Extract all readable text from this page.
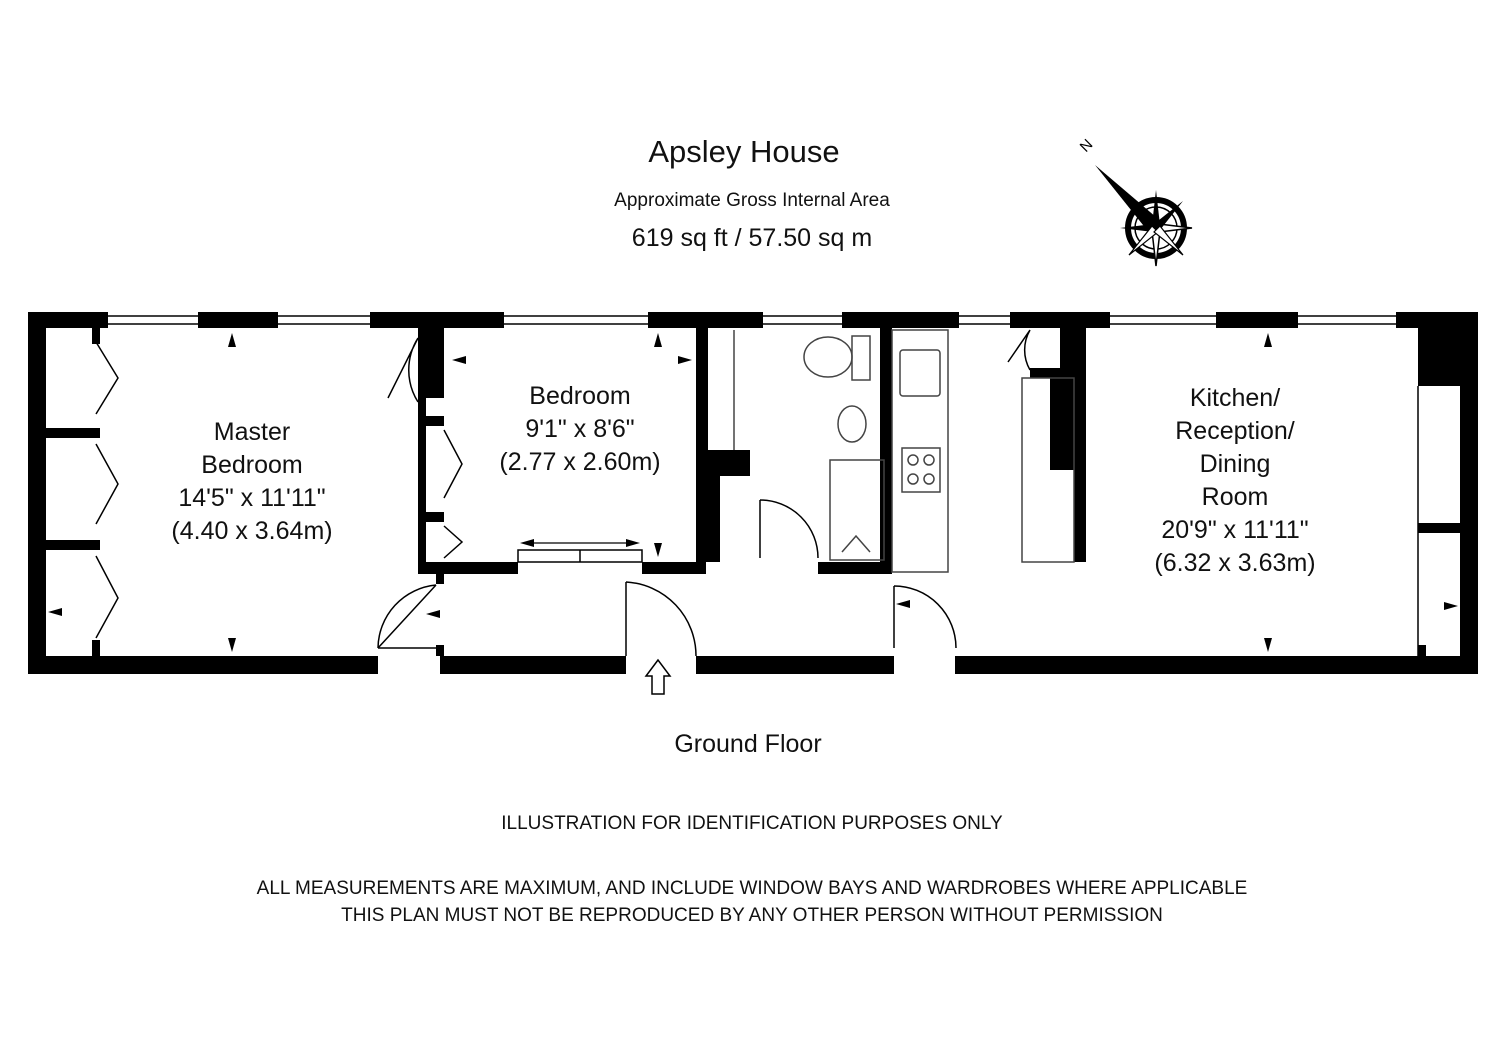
Apsley House
Approximate Gross Internal Area
619 sq ft / 57.50 sq m
N
Master
Bedroom
14'5" x 11'11"
(4.40 x 3.64m)
Bedroom
9'1" x 8'6"
(2.77 x 2.60m)
Kitchen/
Reception/
Dining
Room
20'9" x 11'11"
(6.32 x 3.63m)
Ground Floor
ILLUSTRATION FOR IDENTIFICATION PURPOSES ONLY
ALL MEASUREMENTS ARE MAXIMUM, AND INCLUDE WINDOW BAYS AND WARDROBES WHERE APPLICABLE
THIS PLAN MUST NOT BE REPRODUCED BY ANY OTHER PERSON WITHOUT PERMISSION
